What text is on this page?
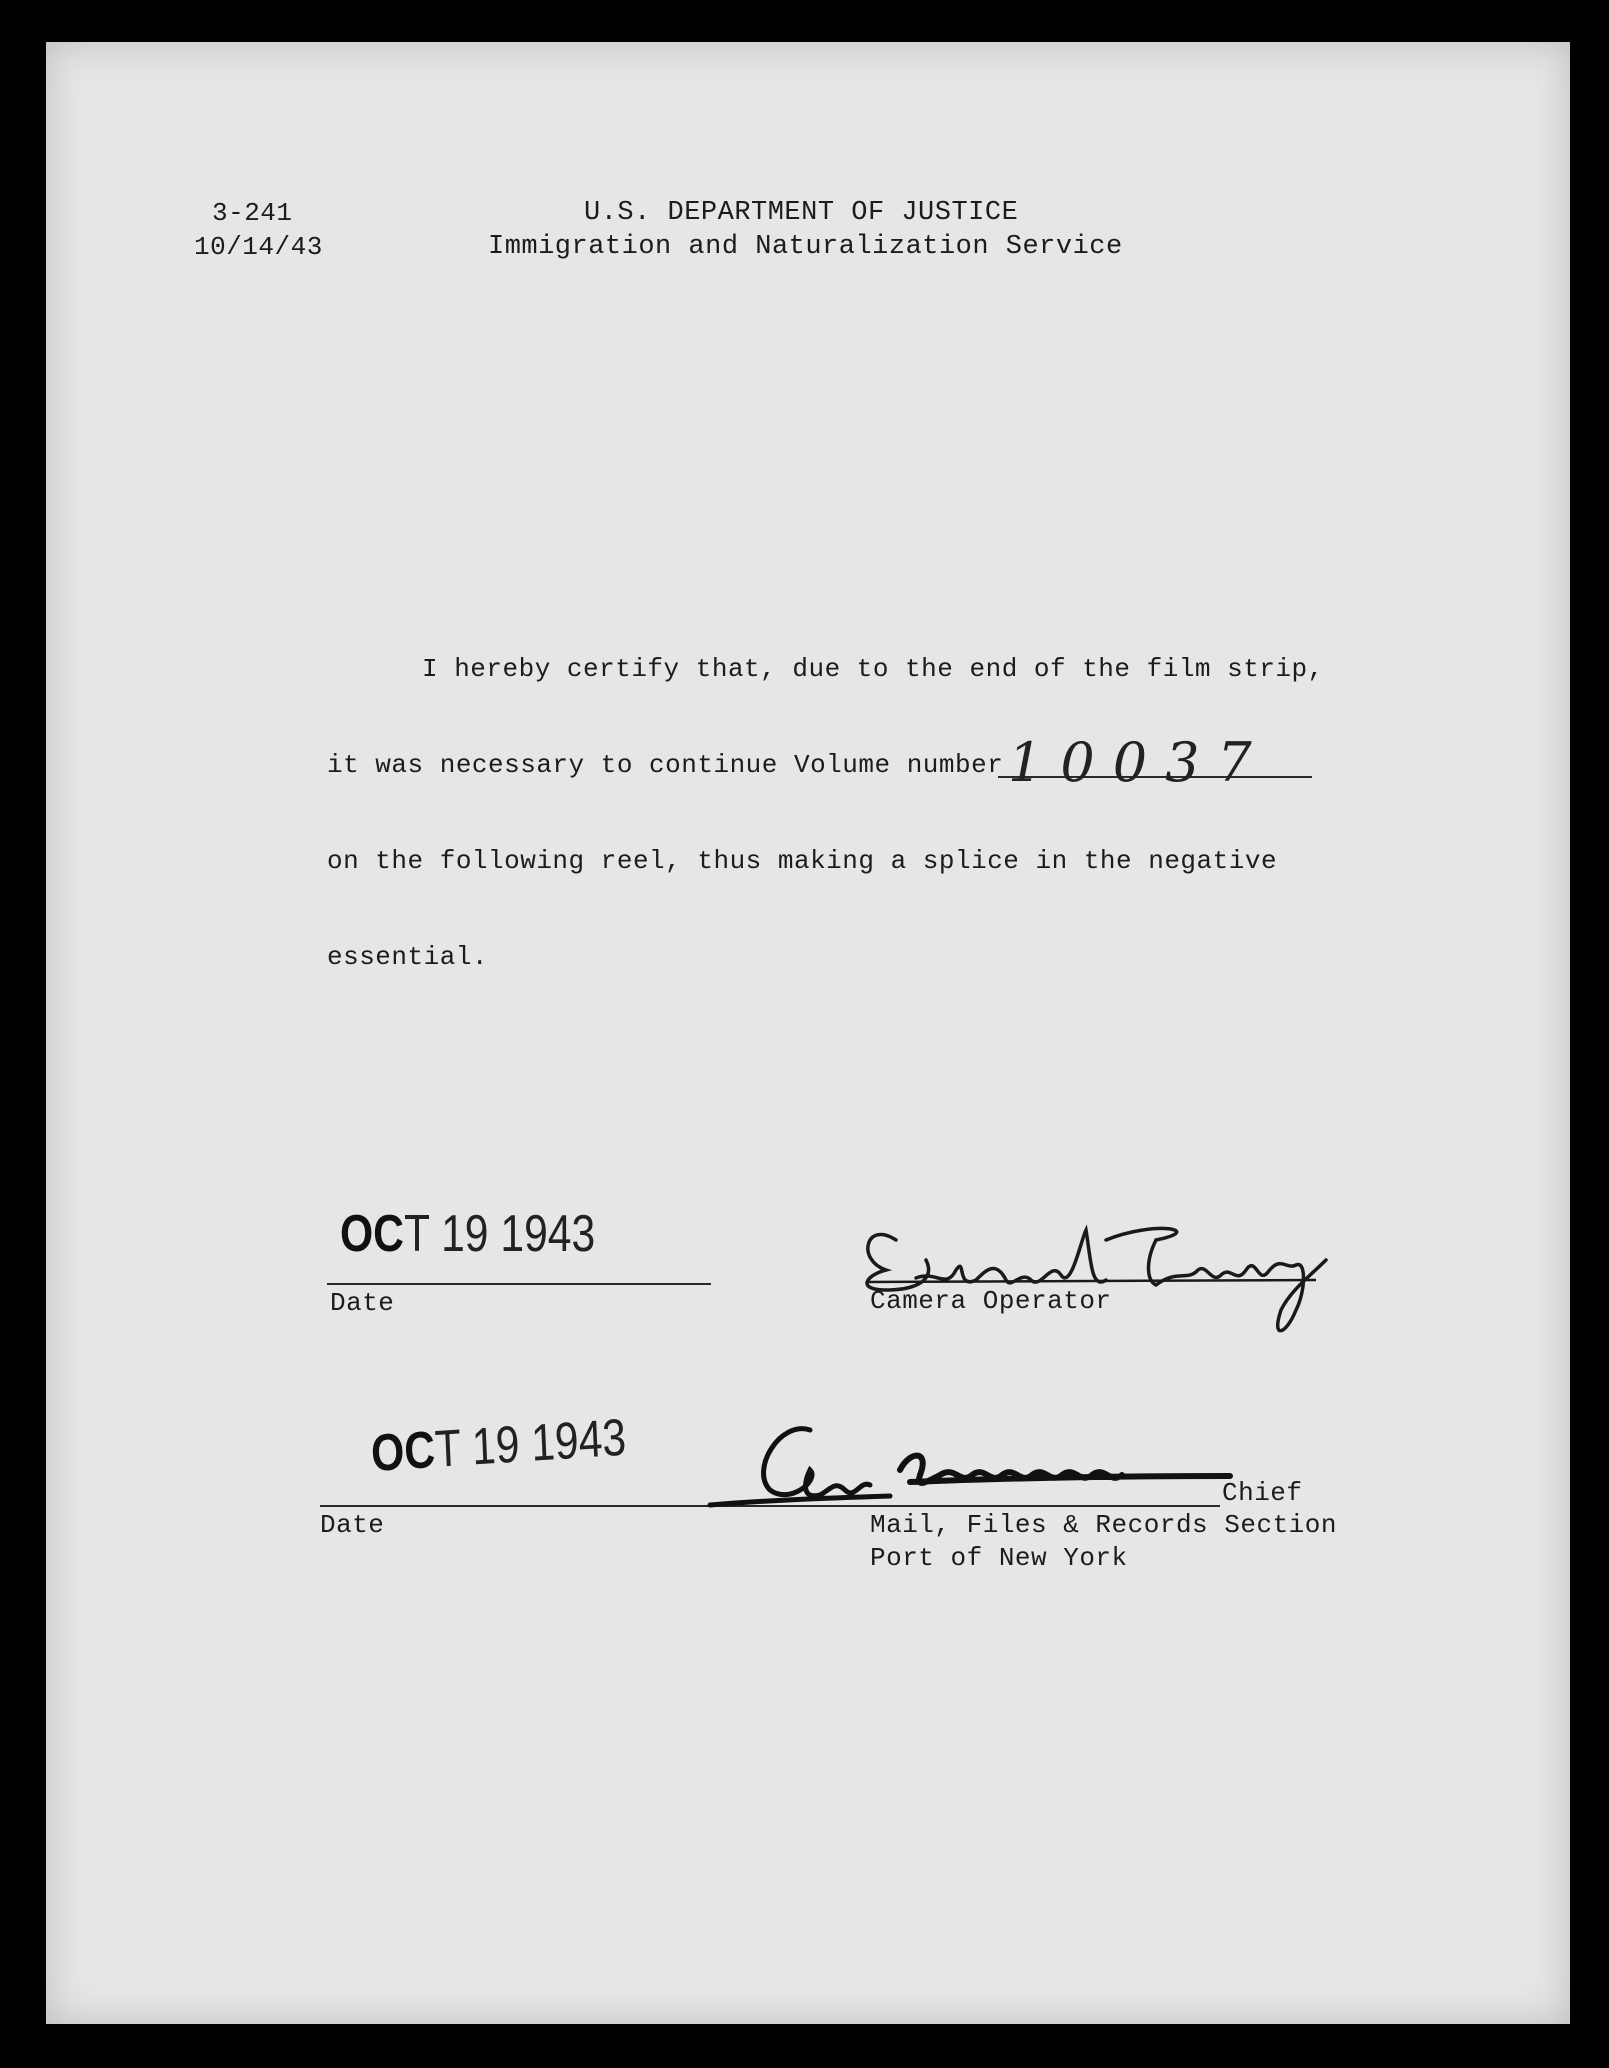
3-241
10/14/43
U.S. DEPARTMENT OF JUSTICE
Immigration and Naturalization Service
I hereby certify that, due to the end of the film strip,
it was necessary to continue Volume number 10037
on the following reel, thus making a splice in the negative
essential.
OCT 19 1943
Date	Camera Operator
OCT 19 1943
Date
Chief
Mail, Files & Records Section
Port of New York
